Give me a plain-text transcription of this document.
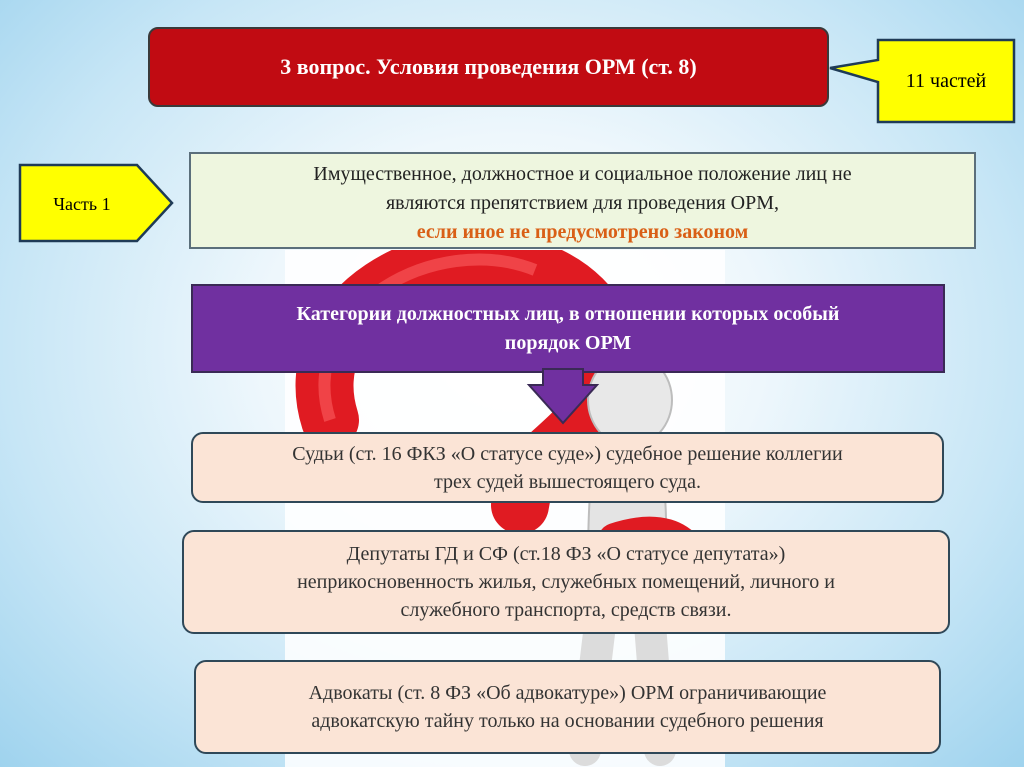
3 вопрос. Условия проведения ОРМ (ст. 8)
11 частей
Часть 1
Имущественное, должностное и социальное положение лиц не
являются препятствием для проведения ОРМ,
если иное не предусмотрено законом
Категории должностных лиц, в отношении которых особый
порядок ОРМ
Судьи (ст. 16 ФКЗ «О статусе суде») судебное решение коллегии
трех судей вышестоящего суда.
Депутаты ГД и СФ (ст.18 ФЗ «О статусе депутата»)
неприкосновенность жилья, служебных помещений, личного и
служебного транспорта, средств связи.
Адвокаты (ст. 8 ФЗ «Об адвокатуре») ОРМ ограничивающие
адвокатскую тайну только на основании судебного решения
